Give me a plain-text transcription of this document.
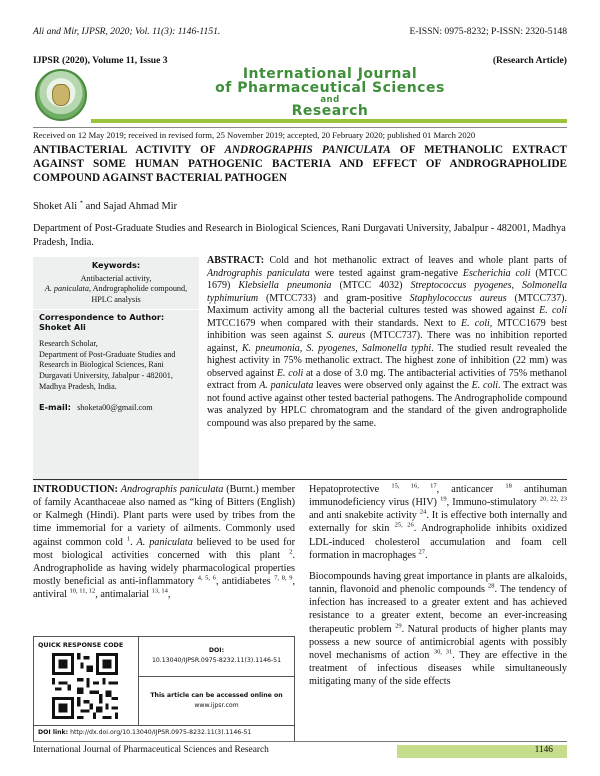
Ali and Mir, IJPSR, 2020; Vol. 11(3): 1146-1151.	E-ISSN: 0975-8232; P-ISSN: 2320-5148
IJPSR (2020), Volume 11, Issue 3	(Research Article)
International Journal
of Pharmaceutical Sciences
and
Research
Received on 12 May 2019; received in revised form, 25 November 2019; accepted, 20 February 2020; published 01 March 2020
ANTIBACTERIAL ACTIVITY OF ANDROGRAPHIS PANICULATA OF METHANOLIC EXTRACT AGAINST SOME HUMAN PATHOGENIC BACTERIA AND EFFECT OF ANDROGRAPHOLIDE COMPOUND AGAINST BACTERIAL PATHOGEN
Shoket Ali * and Sajad Ahmad Mir
Department of Post-Graduate Studies and Research in Biological Sciences, Rani Durgavati University, Jabalpur - 482001, Madhya Pradesh, India.
Keywords:
Antibacterial activity,
A. paniculata, Andrographolide compound, HPLC analysis
Correspondence to Author:
Shoket Ali
Research Scholar,
Department of Post-Graduate Studies and Research in Biological Sciences, Rani Durgavati University, Jabalpur - 482001, Madhya Pradesh, India.
E-mail: shoketa00@gmail.com
ABSTRACT: Cold and hot methanolic extract of leaves and whole plant parts of Andrographis paniculata were tested against gram-negative Escherichia coli (MTCC 1679) Klebsiella pneumonia (MTCC 4032) Streptococcus pyogenes, Solmonella typhimurium (MTCC733) and gram-positive Staphylococcus aureus (MTCC737). Maximum activity among all the bacterial cultures tested was showed against E. coli MTCC1679 when compared with their standards. Next to E. coli, MTCC1679 best inhibition was seen against S. aureus (MTCC737). There was no inhibition reported against, K. pneumonia, S. pyogenes, Salmonella typhi. The studied result revealed the highest activity in 75% methanolic extract. The highest zone of inhibition (22 mm) was observed against E. coli at a dose of 3.0 mg. The antibacterial activities of 75% methanol extract from A. paniculata leaves were observed only against the E. coli. The extract was not found active against other tested bacterial pathogens. The Andrographolide compound was analyzed by HPLC chromatogram and the standard of the given andrographolide compound was also prepared by the same.
INTRODUCTION: Andrographis paniculata (Burnt.) member of family Acanthaceae also named as “king of Bitters (English) or Kalmegh (Hindi). Plant parts were used by tribes from the time immemorial for a variety of ailments. Commonly used against common cold $^1$. A. paniculata believed to be used for most biological activities concerned with this plant $^2$. Andrographolide as having widely pharmacological properties mostly beneficial as anti-inflammatory $^{4, 5, 6}$, antidiabetes $^{7, 8, 9}$, antiviral $^{10, 11, 12}$, antimalarial $^{13, 14}$,
QUICK RESPONSE CODE
DOI:
10.13040/IJPSR.0975-8232.11(3).1146-51
This article can be accessed online on
www.ijpsr.com
DOI link: http://dx.doi.org/10.13040/IJPSR.0975-8232.11(3).1146-51

Hepatoprotective $^{15, 16, 17}$, anticancer $^{18}$ antihuman immunodeficiency virus (HIV) $^{19}$, Immuno-stimulatory $^{20, 22, 23}$ and anti snakebite activity $^{24}$. It is effective both internally and externally for skin $^{25, 26}$. Andrographolide inhibits oxidized LDL-induced cholesterol accumulation and foam cell formation in macrophages $^{27}$.

Biocompounds having great importance in plants are alkaloids, tannin, flavonoid and phenolic compounds $^{28}$. The tendency of infection has increased to a greater extent and has achieved resistance to a greater extent, become an ever-increasing therapeutic problem $^{29}$. Natural products of higher plants may possess a new source of antimicrobial agents with possibly novel mechanisms of action $^{30, 31}$. They are effective in the treatment of infectious diseases while simultaneously mitigating many of the side effects

International Journal of Pharmaceutical Sciences and Research	1146
